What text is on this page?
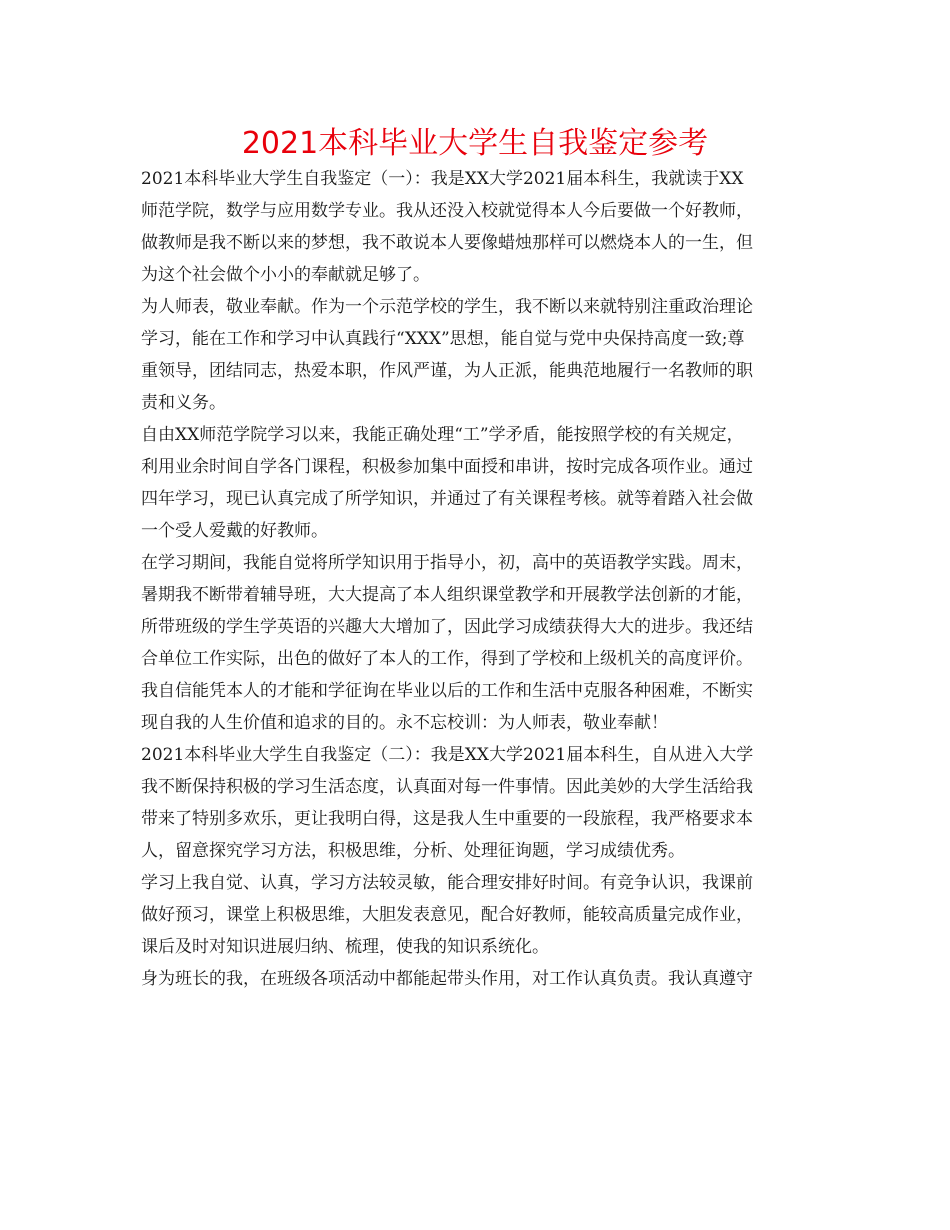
2021本科毕业大学生自我鉴定参考
2021本科毕业大学生自我鉴定（一）：我是XX大学2021届本科生，我就读于XX
师范学院，数学与应用数学专业。我从还没入校就觉得本人今后要做一个好教师，
做教师是我不断以来的梦想，我不敢说本人要像蜡烛那样可以燃烧本人的一生，但
为这个社会做个小小的奉献就足够了。
为人师表，敬业奉献。作为一个示范学校的学生，我不断以来就特别注重政治理论
学习，能在工作和学习中认真践行“XXX”思想，能自觉与党中央保持高度一致;尊
重领导，团结同志，热爱本职，作风严谨，为人正派，能典范地履行一名教师的职
责和义务。
自由XX师范学院学习以来，我能正确处理“工”学矛盾，能按照学校的有关规定，
利用业余时间自学各门课程，积极参加集中面授和串讲，按时完成各项作业。通过
四年学习，现已认真完成了所学知识，并通过了有关课程考核。就等着踏入社会做
一个受人爱戴的好教师。
在学习期间，我能自觉将所学知识用于指导小，初，高中的英语教学实践。周末，
暑期我不断带着辅导班，大大提高了本人组织课堂教学和开展教学法创新的才能，
所带班级的学生学英语的兴趣大大增加了，因此学习成绩获得大大的进步。我还结
合单位工作实际，出色的做好了本人的工作，得到了学校和上级机关的高度评价。
我自信能凭本人的才能和学征询在毕业以后的工作和生活中克服各种困难，不断实
现自我的人生价值和追求的目的。永不忘校训：为人师表，敬业奉献！
2021本科毕业大学生自我鉴定（二）：我是XX大学2021届本科生，自从进入大学
我不断保持积极的学习生活态度，认真面对每一件事情。因此美妙的大学生活给我
带来了特别多欢乐，更让我明白得，这是我人生中重要的一段旅程，我严格要求本
人，留意探究学习方法，积极思维，分析、处理征询题，学习成绩优秀。
学习上我自觉、认真，学习方法较灵敏，能合理安排好时间。有竞争认识，我课前
做好预习，课堂上积极思维，大胆发表意见，配合好教师，能较高质量完成作业，
课后及时对知识进展归纳、梳理，使我的知识系统化。
身为班长的我，在班级各项活动中都能起带头作用，对工作认真负责。我认真遵守
